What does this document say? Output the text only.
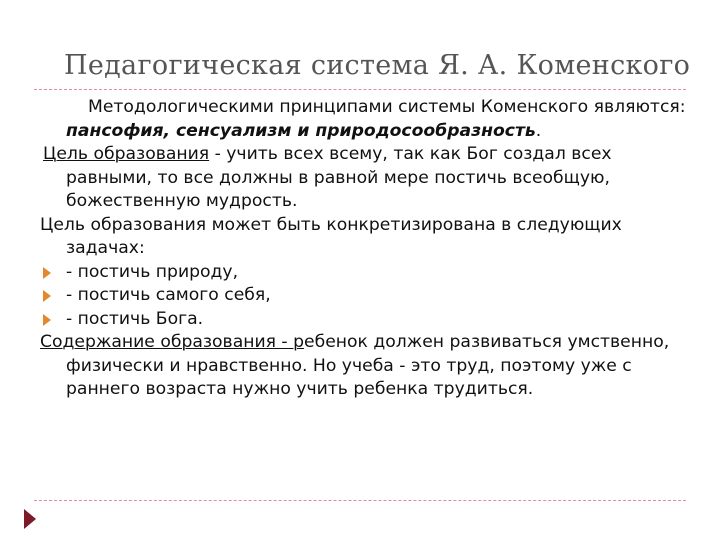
Педагогическая система Я. А. Коменского

Методологическими принципами системы Коменского являются: пансофия, сенсуализм и природосообразность.

Цель образования - учить всех всему, так как Бог создал всех равными, то все должны в равной мере постичь всеобщую, божественную мудрость.

Цель образования может быть конкретизирована в следующих задачах:

- постичь природу,
- постичь самого себя,
- постичь Бога.

Содержание образования - ребенок должен развиваться умственно, физически и нравственно. Но учеба - это труд, поэтому уже с раннего возраста нужно учить ребенка трудиться.
